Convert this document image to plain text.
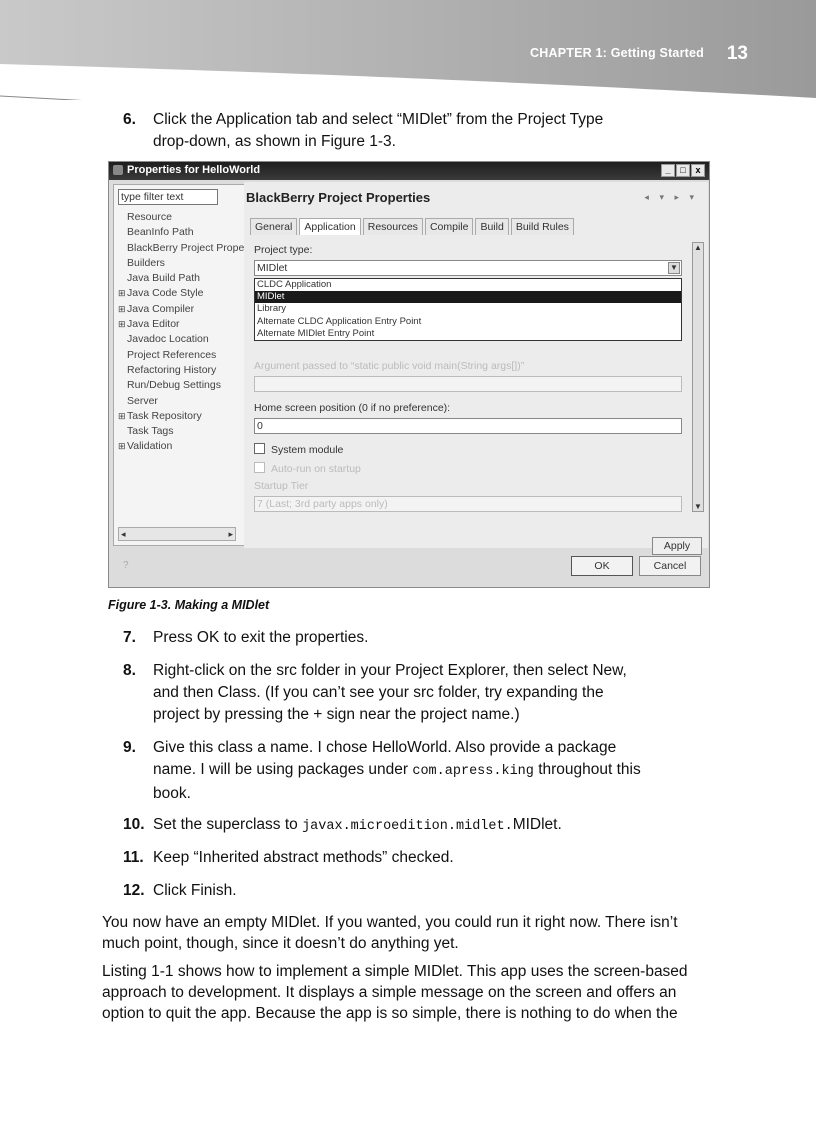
CHAPTER 1: Getting Started 13
6.	Click the Application tab and select “MIDlet” from the Project Type
drop-down, as shown in Figure 1-3.
Properties for HelloWorld	_	□	x
type filter text
Resource
BeanInfo Path
BlackBerry Project Prope
Builders
Java Build Path
⊞Java Code Style
⊞Java Compiler
⊞Java Editor
Javadoc Location
Project References
Refactoring History
Run/Debug Settings
Server
⊞Task Repository
Task Tags
⊞Validation
◂	▸
BlackBerry Project Properties	◂ ▾ ▸ ▾
General Application Resources Compile Build Build Rules
Project type:
MIDlet	▼
CLDC Application
MIDlet
Library
Alternate CLDC Application Entry Point
Alternate MIDlet Entry Point
Argument passed to “static public void main(String args[])”
Home screen position (0 if no preference):
0
System module
Auto-run on startup
Startup Tier
7 (Last; 3rd party apps only)
▲
▼
Apply
?	OK	Cancel
Figure 1-3. Making a MIDlet
7.	Press OK to exit the properties.
8.	Right-click on the src folder in your Project Explorer, then select New,
and then Class. (If you can’t see your src folder, try expanding the
project by pressing the + sign near the project name.)
9.	Give this class a name. I chose HelloWorld. Also provide a package
name. I will be using packages under com.apress.king throughout this
book.
10. Set the superclass to javax.microedition.midlet.MIDlet.
11. Keep “Inherited abstract methods” checked.
12. Click Finish.
You now have an empty MIDlet. If you wanted, you could run it right now. There isn’t
much point, though, since it doesn’t do anything yet.
Listing 1-1 shows how to implement a simple MIDlet. This app uses the screen-based
approach to development. It displays a simple message on the screen and offers an
option to quit the app. Because the app is so simple, there is nothing to do when the
